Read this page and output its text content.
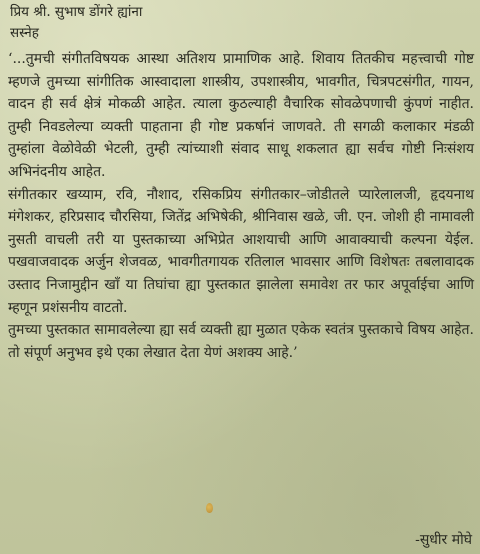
प्रिय श्री. सुभाष डोंगरे ह्यांना
सस्नेह

‘...तुमची संगीतविषयक आस्था अतिशय प्रामाणिक आहे. शिवाय तितकीच महत्त्वाची गोष्ट म्हणजे तुमच्या सांगीतिक आस्वादाला शास्त्रीय, उपशास्त्रीय, भावगीत, चित्रपटसंगीत, गायन, वादन ही सर्व क्षेत्रं मोकळी आहेत. त्याला कुठल्याही वैचारिक सोवळेपणाची कुंपणं नाहीत. तुम्ही निवडलेल्या व्यक्ती पाहताना ही गोष्ट प्रकर्षानं जाणवते. ती सगळी कलाकार मंडळी तुम्हांला वेळोवेळी भेटली, तुम्ही त्यांच्याशी संवाद साधू शकलात ह्या सर्वच गोष्टी निःसंशय अभिनंदनीय आहेत.

संगीतकार खय्याम, रवि, नौशाद, रसिकप्रिय संगीतकार–जोडीतले प्यारेलालजी, हृदयनाथ मंगेशकर, हरिप्रसाद चौरसिया, जितेंद्र अभिषेकी, श्रीनिवास खळे, जी. एन. जोशी ही नामावली नुसती वाचली तरी या पुस्तकाच्या अभिप्रेत आशयाची आणि आवाक्याची कल्पना येईल. पखवाजवादक अर्जुन शेजवळ, भावगीतगायक रतिलाल भावसार आणि विशेषतः तबलावादक उस्ताद निजामुद्दीन खाँ या तिघांचा ह्या पुस्तकात झालेला समावेश तर फार अपूर्वाईचा आणि म्हणून प्रशंसनीय वाटतो.

तुमच्या पुस्तकात सामावलेल्या ह्या सर्व व्यक्ती ह्या मुळात एकेक स्वतंत्र पुस्तकाचे विषय आहेत. तो संपूर्ण अनुभव इथे एका लेखात देता येणं अशक्य आहे.’

-सुधीर मोघे
